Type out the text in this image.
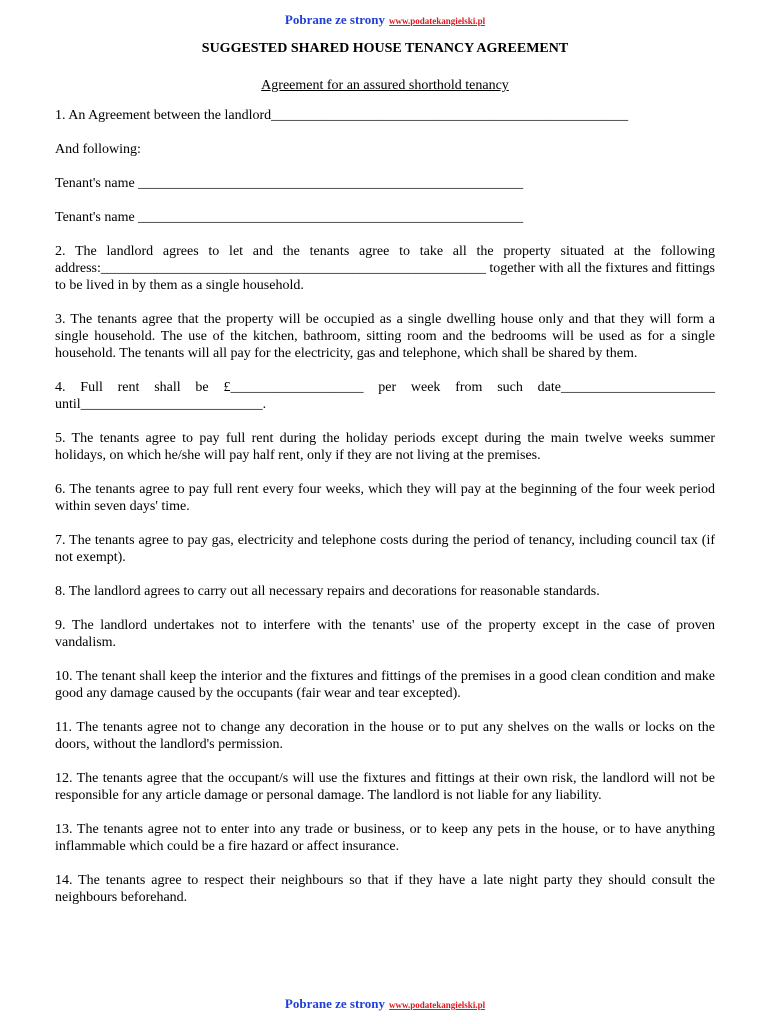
Pobrane ze strony www.podatekangielski.pl
SUGGESTED SHARED HOUSE TENANCY AGREEMENT
Agreement for an assured shorthold tenancy
1. An Agreement between the landlord___________________________________________________
And following:
Tenant's name _______________________________________________________
Tenant's name _______________________________________________________
2. The landlord agrees to let and the tenants agree to take all the property situated at the following address:_______________________________________________________ together with all the fixtures and fittings to be lived in by them as a single household.
3. The tenants agree that the property will be occupied as a single dwelling house only and that they will form a single household. The use of the kitchen, bathroom, sitting room and the bedrooms will be used as for a single household. The tenants will all pay for the electricity, gas and telephone, which shall be shared by them.
4. Full rent shall be £___________________ per week from such date______________________ until__________________________.
5. The tenants agree to pay full rent during the holiday periods except during the main twelve weeks summer holidays, on which he/she will pay half rent, only if they are not living at the premises.
6. The tenants agree to pay full rent every four weeks, which they will pay at the beginning of the four week period within seven days' time.
7. The tenants agree to pay gas, electricity and telephone costs during the period of tenancy, including council tax (if not exempt).
8. The landlord agrees to carry out all necessary repairs and decorations for reasonable standards.
9. The landlord undertakes not to interfere with the tenants' use of the property except in the case of proven vandalism.
10. The tenant shall keep the interior and the fixtures and fittings of the premises in a good clean condition and make good any damage caused by the occupants (fair wear and tear excepted).
11. The tenants agree not to change any decoration in the house or to put any shelves on the walls or locks on the doors, without the landlord's permission.
12. The tenants agree that the occupant/s will use the fixtures and fittings at their own risk, the landlord will not be responsible for any article damage or personal damage. The landlord is not liable for any liability.
13. The tenants agree not to enter into any trade or business, or to keep any pets in the house, or to have anything inflammable which could be a fire hazard or affect insurance.
14. The tenants agree to respect their neighbours so that if they have a late night party they should consult the neighbours beforehand.
Pobrane ze strony www.podatekangielski.pl
